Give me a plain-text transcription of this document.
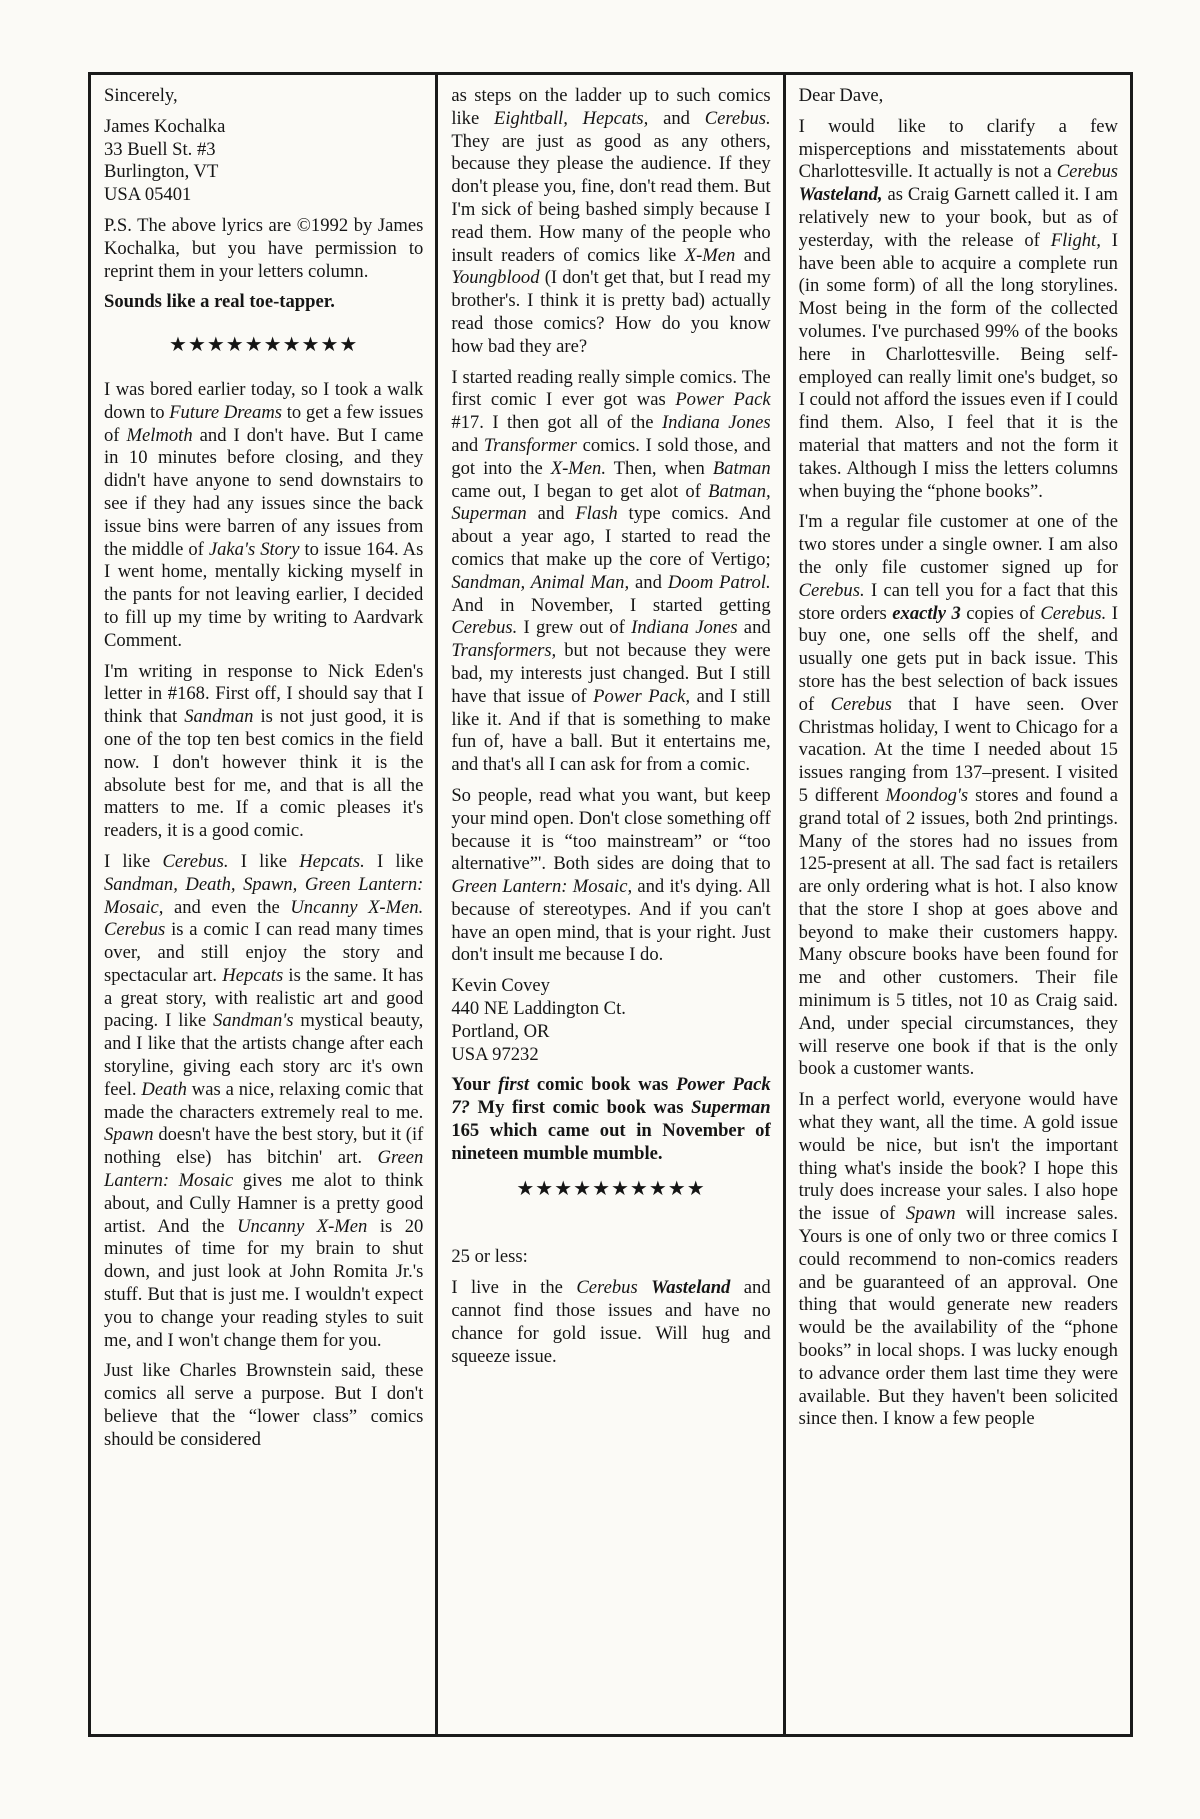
Sincerely,

James Kochalka
33 Buell St. #3
Burlington, VT
USA 05401

P.S. The above lyrics are ©1992 by James Kochalka, but you have permission to reprint them in your letters column.

Sounds like a real toe-tapper.

★★★★★★★★★★

I was bored earlier today, so I took a walk down to Future Dreams to get a few issues of Melmoth and I don't have. But I came in 10 minutes before closing, and they didn't have anyone to send downstairs to see if they had any issues since the back issue bins were barren of any issues from the middle of Jaka's Story to issue 164. As I went home, mentally kicking myself in the pants for not leaving earlier, I decided to fill up my time by writing to Aardvark Comment.

I'm writing in response to Nick Eden's letter in #168. First off, I should say that I think that Sandman is not just good, it is one of the top ten best comics in the field now. I don't however think it is the absolute best for me, and that is all the matters to me. If a comic pleases it's readers, it is a good comic.

I like Cerebus. I like Hepcats. I like Sandman, Death, Spawn, Green Lantern: Mosaic, and even the Uncanny X-Men. Cerebus is a comic I can read many times over, and still enjoy the story and spectacular art. Hepcats is the same. It has a great story, with realistic art and good pacing. I like Sandman's mystical beauty, and I like that the artists change after each storyline, giving each story arc it's own feel. Death was a nice, relaxing comic that made the characters extremely real to me. Spawn doesn't have the best story, but it (if nothing else) has bitchin' art. Green Lantern: Mosaic gives me alot to think about, and Cully Hamner is a pretty good artist. And the Uncanny X-Men is 20 minutes of time for my brain to shut down, and just look at John Romita Jr.'s stuff. But that is just me. I wouldn't expect you to change your reading styles to suit me, and I won't change them for you.

Just like Charles Brownstein said, these comics all serve a purpose. But I don't believe that the “lower class” comics should be considered

as steps on the ladder up to such comics like Eightball, Hepcats, and Cerebus. They are just as good as any others, because they please the audience. If they don't please you, fine, don't read them. But I'm sick of being bashed simply because I read them. How many of the people who insult readers of comics like X-Men and Youngblood (I don't get that, but I read my brother's. I think it is pretty bad) actually read those comics? How do you know how bad they are?

I started reading really simple comics. The first comic I ever got was Power Pack #17. I then got all of the Indiana Jones and Transformer comics. I sold those, and got into the X-Men. Then, when Batman came out, I began to get alot of Batman, Superman and Flash type comics. And about a year ago, I started to read the comics that make up the core of Vertigo; Sandman, Animal Man, and Doom Patrol. And in November, I started getting Cerebus. I grew out of Indiana Jones and Transformers, but not because they were bad, my interests just changed. But I still have that issue of Power Pack, and I still like it. And if that is something to make fun of, have a ball. But it entertains me, and that's all I can ask for from a comic.

So people, read what you want, but keep your mind open. Don't close something off because it is “too mainstream” or “too alternative”'. Both sides are doing that to Green Lantern: Mosaic, and it's dying. All because of stereotypes. And if you can't have an open mind, that is your right. Just don't insult me because I do.

Kevin Covey
440 NE Laddington Ct.
Portland, OR
USA 97232

Your first comic book was Power Pack 7? My first comic book was Superman 165 which came out in November of nineteen mumble mumble.

★★★★★★★★★★

25 or less:

I live in the Cerebus Wasteland and cannot find those issues and have no chance for gold issue. Will hug and squeeze issue.

Dear Dave,

I would like to clarify a few misperceptions and misstatements about Charlottesville. It actually is not a Cerebus Wasteland, as Craig Garnett called it. I am relatively new to your book, but as of yesterday, with the release of Flight, I have been able to acquire a complete run (in some form) of all the long storylines. Most being in the form of the collected volumes. I've purchased 99% of the books here in Charlottesville. Being self-employed can really limit one's budget, so I could not afford the issues even if I could find them. Also, I feel that it is the material that matters and not the form it takes. Although I miss the letters columns when buying the “phone books”.

I'm a regular file customer at one of the two stores under a single owner. I am also the only file customer signed up for Cerebus. I can tell you for a fact that this store orders exactly 3 copies of Cerebus. I buy one, one sells off the shelf, and usually one gets put in back issue. This store has the best selection of back issues of Cerebus that I have seen. Over Christmas holiday, I went to Chicago for a vacation. At the time I needed about 15 issues ranging from 137–present. I visited 5 different Moondog's stores and found a grand total of 2 issues, both 2nd printings. Many of the stores had no issues from 125-present at all. The sad fact is retailers are only ordering what is hot. I also know that the store I shop at goes above and beyond to make their customers happy. Many obscure books have been found for me and other customers. Their file minimum is 5 titles, not 10 as Craig said. And, under special circumstances, they will reserve one book if that is the only book a customer wants.

In a perfect world, everyone would have what they want, all the time. A gold issue would be nice, but isn't the important thing what's inside the book? I hope this truly does increase your sales. I also hope the issue of Spawn will increase sales. Yours is one of only two or three comics I could recommend to non-comics readers and be guaranteed of an approval. One thing that would generate new readers would be the availability of the “phone books” in local shops. I was lucky enough to advance order them last time they were available. But they haven't been solicited since then. I know a few people
